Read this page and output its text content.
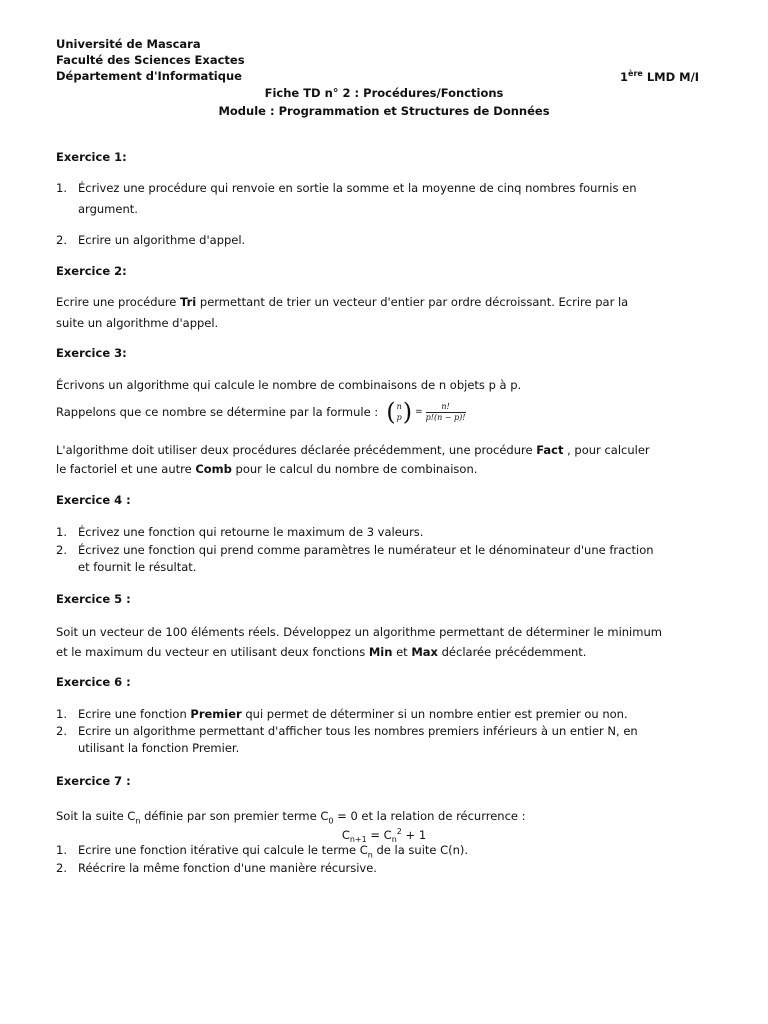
Université de Mascara
Faculté des Sciences Exactes
Département d'Informatique	1ère LMD M/I
Fiche TD n° 2 : Procédures/Fonctions
Module : Programmation et Structures de Données
Exercice 1:
1. Écrivez une procédure qui renvoie en sortie la somme et la moyenne de cinq nombres fournis en
argument.
2. Ecrire un algorithme d'appel.
Exercice 2:
Ecrire une procédure Tri permettant de trier un vecteur d'entier par ordre décroissant. Ecrire par la
suite un algorithme d'appel.
Exercice 3:
Écrivons un algorithme qui calcule le nombre de combinaisons de n objets p à p.
Rappelons que ce nombre se détermine par la formule : ( n
p ) = $\frac{n!}{p!(n - p)!}$
L'algorithme doit utiliser deux procédures déclarée précédemment, une procédure Fact , pour calculer
le factoriel et une autre Comb pour le calcul du nombre de combinaison.
Exercice 4 :
1. Écrivez une fonction qui retourne le maximum de 3 valeurs.
2. Écrivez une fonction qui prend comme paramètres le numérateur et le dénominateur d'une fraction
et fournit le résultat.
Exercice 5 :
Soit un vecteur de 100 éléments réels. Développez un algorithme permettant de déterminer le minimum
et le maximum du vecteur en utilisant deux fonctions Min et Max déclarée précédemment.
Exercice 6 :
1. Ecrire une fonction Premier qui permet de déterminer si un nombre entier est premier ou non.
2. Ecrire un algorithme permettant d'afficher tous les nombres premiers inférieurs à un entier N, en
utilisant la fonction Premier.
Exercice 7 :
Soit la suite $C_n$ définie par son premier terme $C_0 = 0$ et la relation de récurrence :
$C_{n+1} = C_n^2 + 1$
1. Ecrire une fonction itérative qui calcule le terme $C_n$ de la suite C(n).
2. Réécrire la même fonction d'une manière récursive.
